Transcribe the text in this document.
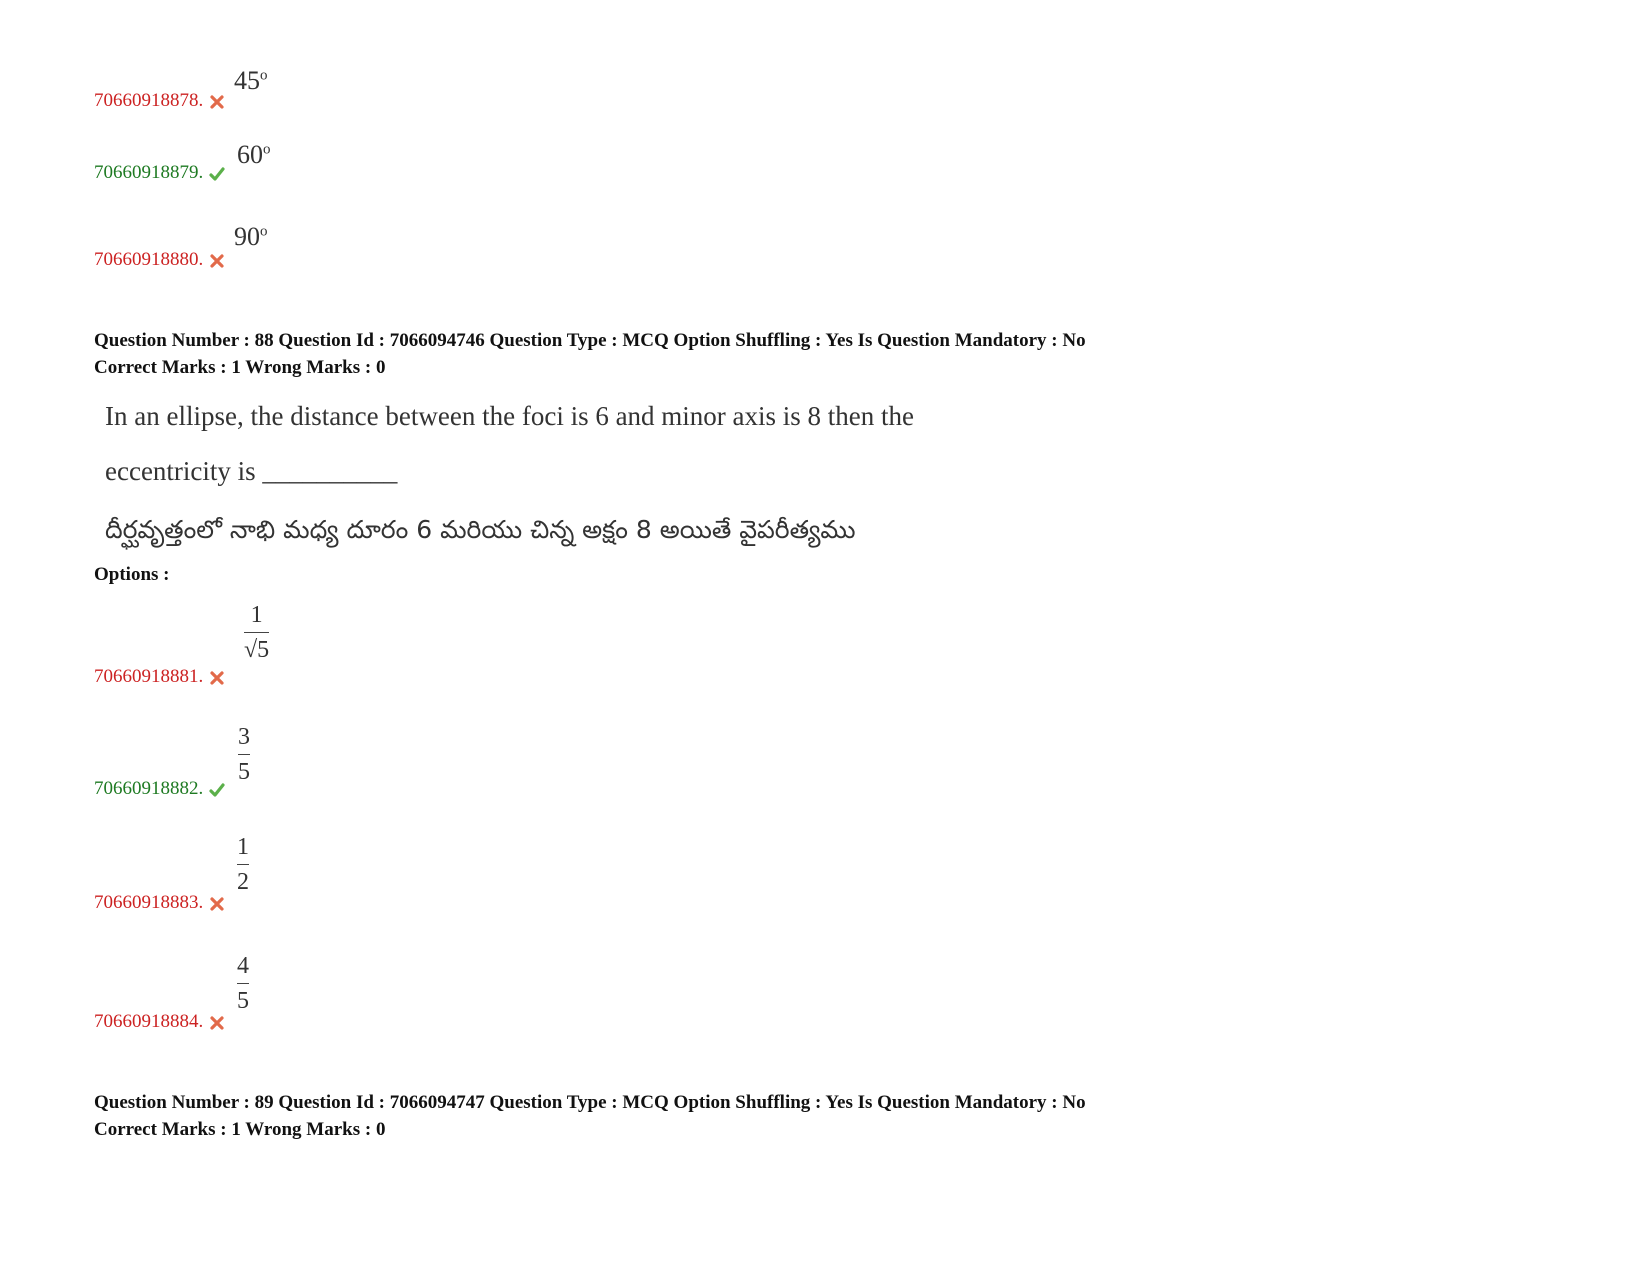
70660918878.
45$^o$
70660918879.
60$^o$
70660918880.
90$^o$
Question Number : 88 Question Id : 7066094746 Question Type : MCQ Option Shuffling : Yes Is Question Mandatory : No
Correct Marks : 1 Wrong Marks : 0
In an ellipse, the distance between the foci is 6 and minor axis is 8 then the
eccentricity is __________
దీర్ఘవృత్తంలో నాభి మధ్య దూరం 6 మరియు చిన్న అక్షం 8 అయితే వైపరీత్యము
Options :
1
√5
70660918881.
3
5
70660918882.
1
2
70660918883.
4
5
70660918884.
Question Number : 89 Question Id : 7066094747 Question Type : MCQ Option Shuffling : Yes Is Question Mandatory : No
Correct Marks : 1 Wrong Marks : 0
